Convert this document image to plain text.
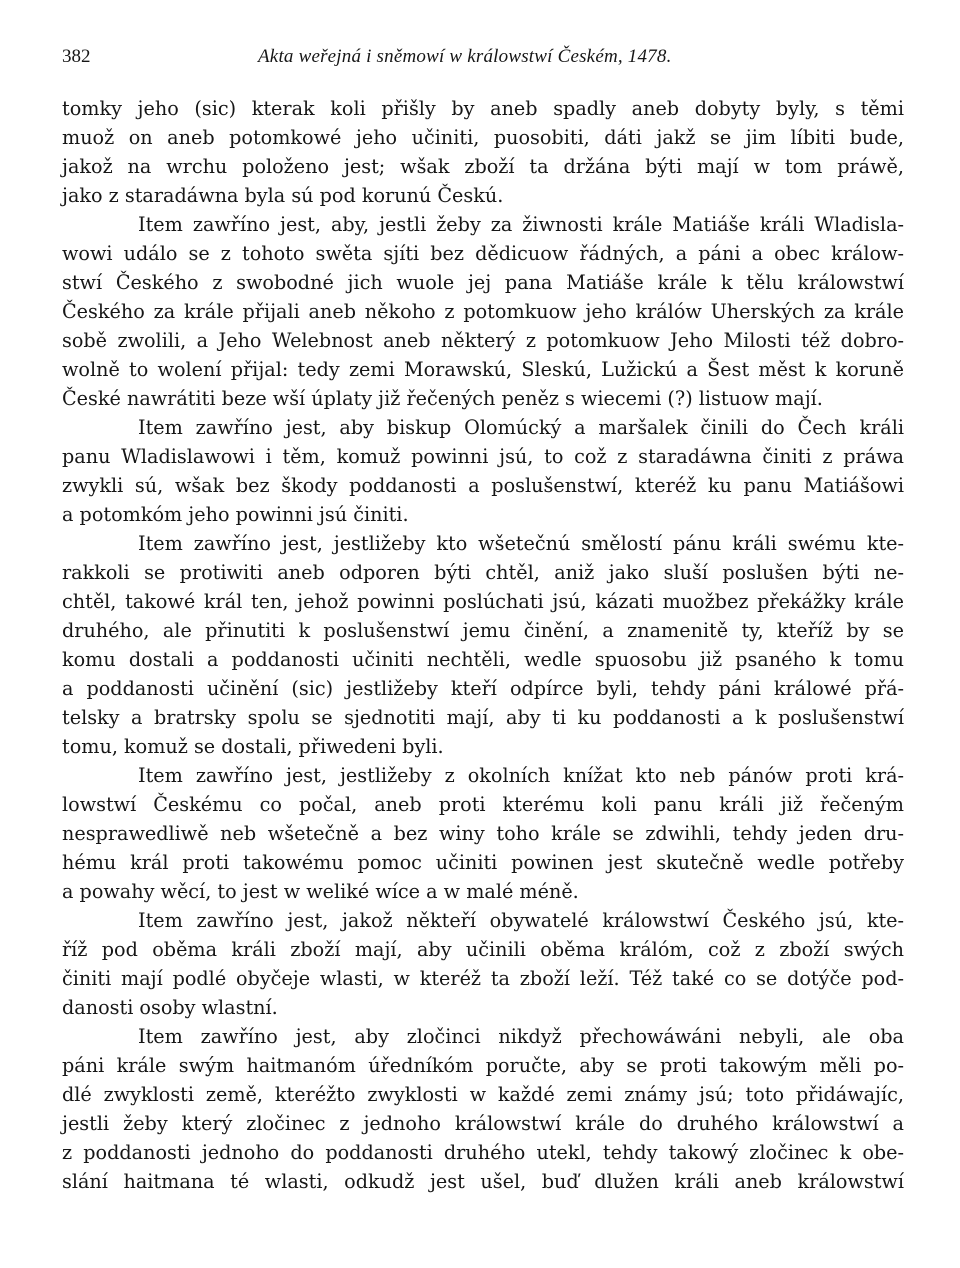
382	Akta weřejná i sněmowí w králowstwí Českém, 1478.
tomky jeho (sic) kterak koli přišly by aneb spadly aneb dobyty byly, s těmi
muož on aneb potomkowé jeho učiniti, puosobiti, dáti jakž se jim líbiti bude,
jakož na wrchu položeno jest; wšak zboží ta držána býti mají w tom práwě,
jako z staradáwna byla sú pod korunú Českú.
Item zawříno jest, aby, jestli žeby za žiwnosti krále Matiáše králi Wladisla-
wowi událo se z tohoto swěta sjíti bez dědicuow řádných, a páni a obec králow-
stwí Českého z swobodné jich wuole jej pana Matiáše krále k tělu králowstwí
Českého za krále přijali aneb někoho z potomkuow jeho králów Uherských za krále
sobě zwolili, a Jeho Welebnost aneb některý z potomkuow Jeho Milosti též dobro-
wolně to wolení přijal: tedy zemi Morawskú, Sleskú, Lužickú a Šest měst k koruně
České nawrátiti beze wší úplaty již řečených peněz s wiecemi (?) listuow mají.
Item zawříno jest, aby biskup Olomúcký a maršalek činili do Čech králi
panu Wladislawowi i těm, komuž powinni jsú, to což z staradáwna činiti z práwa
zwykli sú, wšak bez škody poddanosti a poslušenstwí, kteréž ku panu Matiášowi
a potomkóm jeho powinni jsú činiti.
Item zawříno jest, jestližeby kto wšetečnú smělostí pánu králi swému kte-
rakkoli se protiwiti aneb odporen býti chtěl, aniž jako sluší poslušen býti ne-
chtěl, takowé král ten, jehož powinni poslúchati jsú, kázati muožbez překážky krále
druhého, ale přinutiti k poslušenstwí jemu činění, a znamenitě ty, kteříž by se
komu dostali a poddanosti učiniti nechtěli, wedle spuosobu již psaného k tomu
a poddanosti učinění (sic) jestližeby kteří odpírce byli, tehdy páni králowé přá-
telsky a bratrsky spolu se sjednotiti mají, aby ti ku poddanosti a k poslušenstwí
tomu, komuž se dostali, přiwedeni byli.
Item zawříno jest, jestližeby z okolních knížat kto neb pánów proti krá-
lowstwí Českému co počal, aneb proti kterému koli panu králi již řečeným
nesprawedliwě neb wšetečně a bez winy toho krále se zdwihli, tehdy jeden dru-
hému král proti takowému pomoc učiniti powinen jest skutečně wedle potřeby
a powahy wěcí, to jest w weliké wíce a w malé méně.
Item zawříno jest, jakož někteří obywatelé králowstwí Českého jsú, kte-
říž pod oběma králi zboží mají, aby učinili oběma králóm, což z zboží swých
činiti mají podlé obyčeje wlasti, w kteréž ta zboží leží. Též také co se dotýče pod-
danosti osoby wlastní.
Item zawříno jest, aby zločinci nikdyž přechowáwáni nebyli, ale oba
páni krále swým haitmanóm úředníkóm poručte, aby se proti takowým měli po-
dlé zwyklosti země, kteréžto zwyklosti w každé zemi známy jsú; toto přidáwajíc,
jestli žeby který zločinec z jednoho králowstwí krále do druhého králowstwí a
z poddanosti jednoho do poddanosti druhého utekl, tehdy takowý zločinec k obe-
slání haitmana té wlasti, odkudž jest ušel, buď dlužen králi aneb králowstwí
